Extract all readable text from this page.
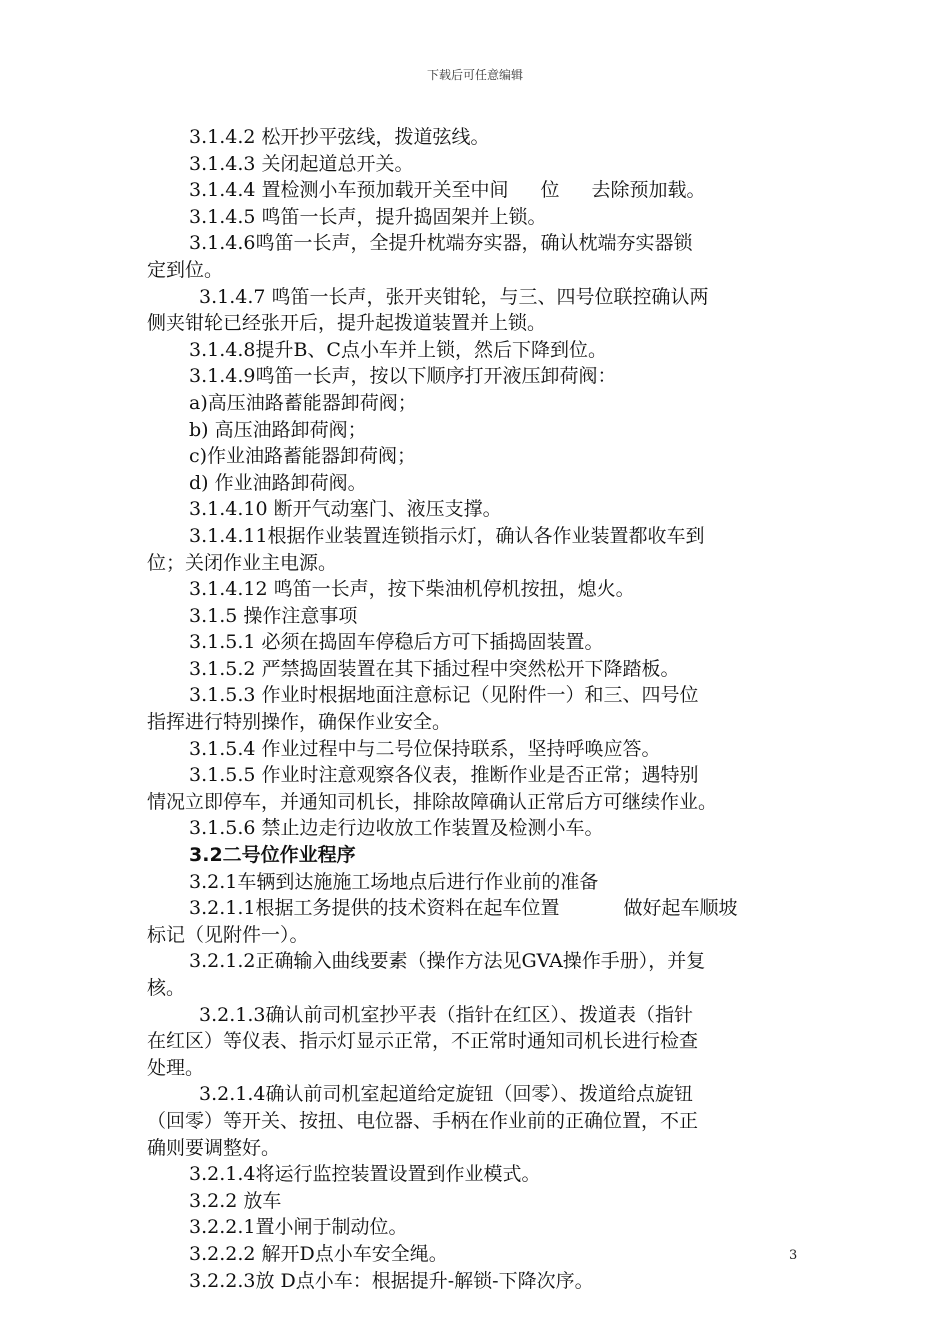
下载后可任意编辑
3.1.4.2 松开抄平弦线，拨道弦线。
3.1.4.3 关闭起道总开关。
3.1.4.4 置检测小车预加载开关至中间 位 去除预加载。
3.1.4.5 鸣笛一长声，提升捣固架并上锁。
3.1.4.6鸣笛一长声，全提升枕端夯实器，确认枕端夯实器锁
定到位。
3.1.4.7 鸣笛一长声，张开夹钳轮，与三、四号位联控确认两
侧夹钳轮已经张开后，提升起拨道装置并上锁。
3.1.4.8提升B、C点小车并上锁，然后下降到位。
3.1.4.9鸣笛一长声，按以下顺序打开液压卸荷阀：
a)高压油路蓄能器卸荷阀；
b) 高压油路卸荷阀；
c)作业油路蓄能器卸荷阀；
d) 作业油路卸荷阀。
3.1.4.10 断开气动塞门、液压支撑。
3.1.4.11根据作业装置连锁指示灯，确认各作业装置都收车到
位；关闭作业主电源。
3.1.4.12 鸣笛一长声，按下柴油机停机按扭，熄火。
3.1.5 操作注意事项
3.1.5.1 必须在捣固车停稳后方可下插捣固装置。
3.1.5.2 严禁捣固装置在其下插过程中突然松开下降踏板。
3.1.5.3 作业时根据地面注意标记（见附件一）和三、四号位
指挥进行特别操作，确保作业安全。
3.1.5.4 作业过程中与二号位保持联系，坚持呼唤应答。
3.1.5.5 作业时注意观察各仪表，推断作业是否正常；遇特别
情况立即停车，并通知司机长，排除故障确认正常后方可继续作业。
3.1.5.6 禁止边走行边收放工作装置及检测小车。
3.2二号位作业程序
3.2.1车辆到达施施工场地点后进行作业前的准备
3.2.1.1根据工务提供的技术资料在起车位置	做好起车顺坡
标记（见附件一）。
3.2.1.2正确输入曲线要素（操作方法见GVA操作手册），并复
核。
3.2.1.3确认前司机室抄平表（指针在红区）、拨道表（指针
在红区）等仪表、指示灯显示正常，不正常时通知司机长进行检查
处理。
3.2.1.4确认前司机室起道给定旋钮（回零）、拨道给点旋钮
（回零）等开关、按扭、电位器、手柄在作业前的正确位置，不正
确则要调整好。
3.2.1.4将运行监控装置设置到作业模式。
3.2.2 放车
3.2.2.1置小闸于制动位。
3.2.2.2 解开D点小车安全绳。
3.2.2.3放 D点小车：根据提升-解锁-下降次序。
3
